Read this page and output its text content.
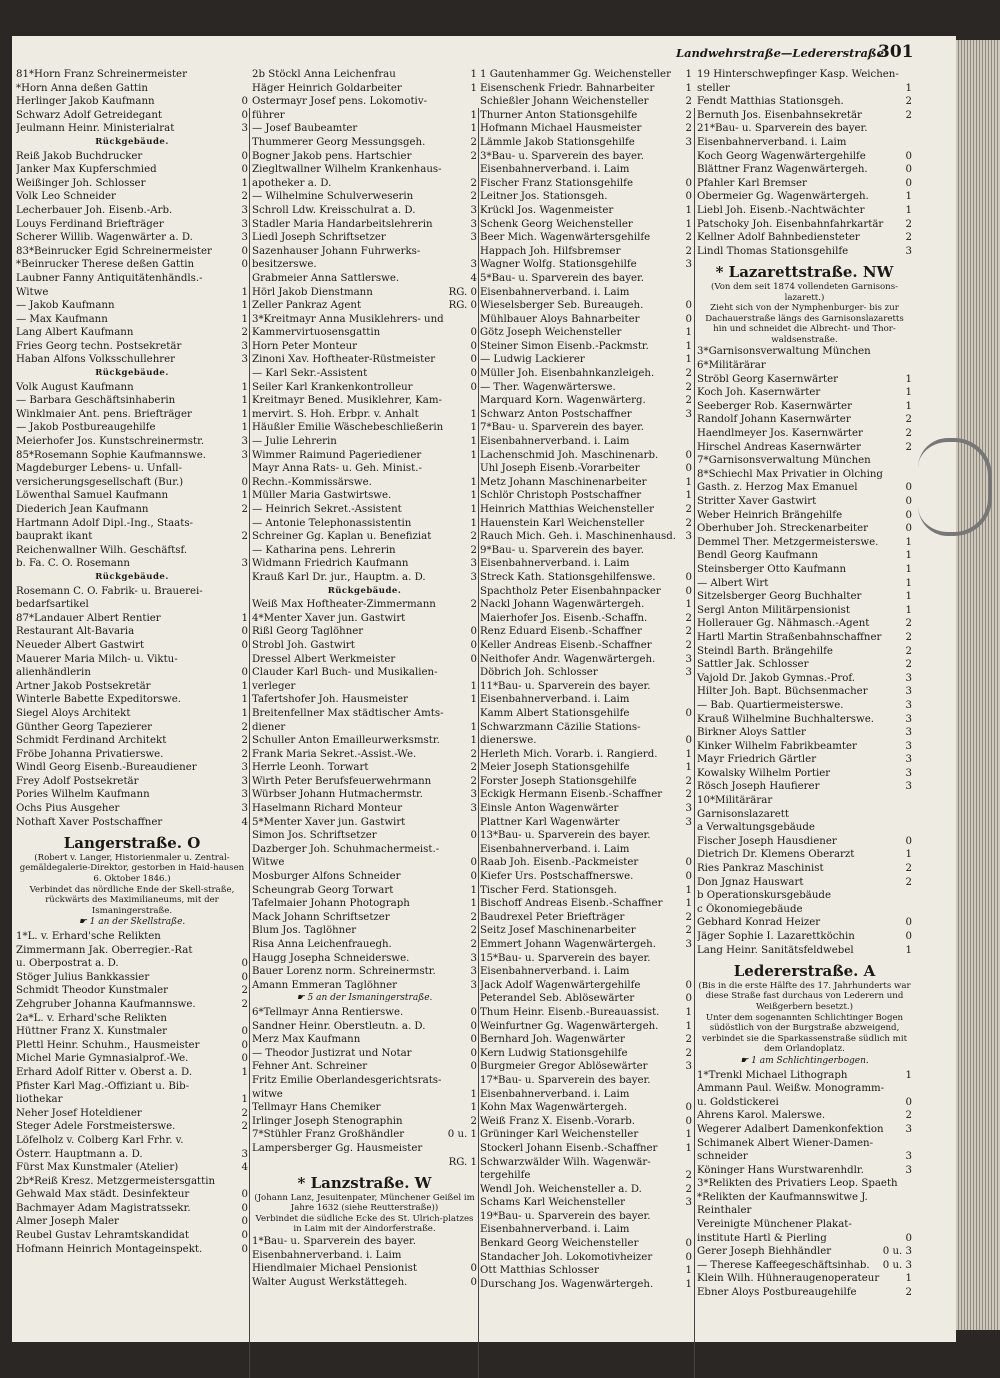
Landwehrstraße—Ledererstraße
301
81*Horn Franz Schreinermeister
*Horn Anna deßen Gattin
Herlinger Jakob Kaufmann	0
Schwarz Adolf Getreidegant	0
Jeulmann Heinr. Ministerialrat	3
Rückgebäude.
Reiß Jakob Buchdrucker	0
Janker Max Kupferschmied	0
Weißinger Joh. Schlosser	1
Volk Leo Schneider	2
Lecherbauer Joh. Eisenb.-Arb.	3
Louys Ferdinand Briefträger	3
Scherer Willib. Wagenwärter a. D.	3
83*Beinrucker Egid Schreinermeister	0
*Beinrucker Therese deßen Gattin	0
Laubner Fanny Antiquitätenhändls.-
Witwe	1
— Jakob Kaufmann	1
— Max Kaufmann	1
Lang Albert Kaufmann	2
Fries Georg techn. Postsekretär	3
Haban Alfons Volksschullehrer	3
Rückgebäude.
Volk August Kaufmann	1
— Barbara Geschäftsinhaberin	1
Winklmaier Ant. pens. Briefträger	1
— Jakob Postbureaugehilfe	1
Meierhofer Jos. Kunstschreinermstr.	3
85*Rosemann Sophie Kaufmannswe.	3
Magdeburger Lebens- u. Unfall-
versicherungsgesellschaft (Bur.)	0
Löwenthal Samuel Kaufmann	1
Diederich Jean Kaufmann	2
Hartmann Adolf Dipl.-Ing., Staats-
bauprakt ikant	2
Reichenwallner Wilh. Geschäftsf.
b. Fa. C. O. Rosemann	3
Rückgebäude.
Rosemann C. O. Fabrik- u. Brauerei-
bedarfsartikel
87*Landauer Albert Rentier	1
Restaurant Alt-Bavaria	0
Neueder Albert Gastwirt	0
Mauerer Maria Milch- u. Viktu-
alienhändlerin	0
Artner Jakob Postsekretär	1
Winterle Babette Expeditorswe.	1
Siegel Aloys Architekt	1
Günther Georg Tapezierer	2
Schmidt Ferdinand Architekt	2
Fröbe Johanna Privatierswe.	2
Windl Georg Eisenb.-Bureaudiener	3
Frey Adolf Postsekretär	3
Pories Wilhelm Kaufmann	3
Ochs Pius Ausgeher	3
Nothaft Xaver Postschaffner	4
Langerstraße. O
(Robert v. Langer, Historienmaler u. Zentral-gemäldegalerie-Direktor, gestorben in Haid-hausen 6. Oktober 1846.)
Verbindet das nördliche Ende der Skell-straße, rückwärts des Maximilianeums, mit der Ismaningerstraße.
☛ 1 an der Skellstraße.
1*L. v. Erhard'sche Relikten
Zimmermann Jak. Oberregier.-Rat
u. Oberpostrat a. D.	0
Stöger Julius Bankkassier	0
Schmidt Theodor Kunstmaler	2
Zehgruber Johanna Kaufmannswe.	2
2a*L. v. Erhard'sche Relikten
Hüttner Franz X. Kunstmaler	0
Plettl Heinr. Schuhm., Hausmeister	0
Michel Marie Gymnasialprof.-We.	0
Erhard Adolf Ritter v. Oberst a. D.	1
Pfister Karl Mag.-Offiziant u. Bib-
liothekar	1
Neher Josef Hoteldiener	2
Steger Adele Forstmeisterswe.	2
Löfelholz v. Colberg Karl Frhr. v.
Österr. Hauptmann a. D.	3
Fürst Max Kunstmaler (Atelier)	4
2b*Reiß Kresz. Metzgermeistersgattin
Gehwald Max städt. Desinfekteur	0
Bachmayer Adam Magistratssekr.	0
Almer Joseph Maler	0
Reubel Gustav Lehramtskandidat	0
Hofmann Heinrich Montageinspekt.	0
2b Stöckl Anna Leichenfrau	1
Häger Heinrich Goldarbeiter	1
Ostermayr Josef pens. Lokomotiv-
führer	1
— Josef Baubeamter	1
Thummerer Georg Messungsgeh.	2
Bogner Jakob pens. Hartschier	2
Ziegltwallner Wilhelm Krankenhaus-
apotheker a. D.	2
— Wilhelmine Schulverweserin	2
Schroll Ldw. Kreisschulrat a. D.	3
Stadler Maria Handarbeitslehrerin	3
Liedl Joseph Schriftsetzer	3
Sazenhauser Johann Fuhrwerks-
besitzerswe.	3
Grabmeier Anna Sattlerswe.	4
Hörl Jakob Dienstmann	RG. 0
Zeller Pankraz Agent	RG. 0
3*Kreitmayr Anna Musiklehrers- und
Kammervirtuosensgattin	0
Horn Peter Monteur	0
Zinoni Xav. Hoftheater-Rüstmeister	0
— Karl Sekr.-Assistent	0
Seiler Karl Krankenkontrolleur	0
Kreitmayr Bened. Musiklehrer, Kam-
mervirt. S. Hoh. Erbpr. v. Anhalt	1
Häußler Emilie Wäschebeschließerin	1
— Julie Lehrerin	1
Wimmer Raimund Pageriediener	1
Mayr Anna Rats- u. Geh. Minist.-
Rechn.-Kommissärswe.	1
Müller Maria Gastwirtswe.	1
— Heinrich Sekret.-Assistent	1
— Antonie Telephonassistentin	1
Schreiner Gg. Kaplan u. Benefiziat	2
— Katharina pens. Lehrerin	2
Widmann Friedrich Kaufmann	3
Krauß Karl Dr. jur., Hauptm. a. D.	3
Rückgebäude.
Weiß Max Hoftheater-Zimmermann	2
4*Menter Xaver jun. Gastwirt
Rißl Georg Taglöhner	0
Strobl Joh. Gastwirt	0
Dressel Albert Werkmeister	0
Clauder Karl Buch- und Musikalien-
verleger	1
Tafertshofer Joh. Hausmeister	1
Breitenfellner Max städtischer Amts-
diener	1
Schuller Anton Emailleurwerksmstr.	1
Frank Maria Sekret.-Assist.-We.	2
Herrle Leonh. Torwart	2
Wirth Peter Berufsfeuerwehrmann	2
Würbser Johann Hutmachermstr.	3
Haselmann Richard Monteur	3
5*Menter Xaver jun. Gastwirt
Simon Jos. Schriftsetzer	0
Dazberger Joh. Schuhmachermeist.-
Witwe	0
Mosburger Alfons Schneider	0
Scheungrab Georg Torwart	1
Tafelmaier Johann Photograph	1
Mack Johann Schriftsetzer	2
Blum Jos. Taglöhner	2
Risa Anna Leichenfrauegh.	2
Haugg Josepha Schneiderswe.	3
Bauer Lorenz norm. Schreinermstr.	3
Amann Emmeran Taglöhner	3
☛ 5 an der Ismaningerstraße.
6*Tellmayr Anna Rentierswe.	0
Sandner Heinr. Oberstleutn. a. D.	0
Merz Max Kaufmann	0
— Theodor Justizrat und Notar	0
Fehner Ant. Schreiner	0
Fritz Emilie Oberlandesgerichtsrats-
witwe	1
Tellmayr Hans Chemiker	1
Irlinger Joseph Stenographin	2
7*Stühler Franz Großhändler	0 u. 1
Lampersberger Gg. Hausmeister
RG. 1
* Lanzstraße. W
(Johann Lanz, Jesuitenpater, Münchener Geißel im Jahre 1632 (siehe Reutterstraße))
Verbindet die südliche Ecke des St. Ulrich-platzes in Laim mit der Aindorferstraße.
1*Bau- u. Sparverein des bayer.
Eisenbahnerverband. i. Laim
Hiendlmaier Michael Pensionist	0
Walter August Werkstättegeh.	0
1 Gautenhammer Gg. Weichensteller	1
Eisenschenk Friedr. Bahnarbeiter	1
Schießler Johann Weichensteller	2
Thurner Anton Stationsgehilfe	2
Hofmann Michael Hausmeister	2
Lämmle Jakob Stationsgehilfe	3
3*Bau- u. Sparverein des bayer.
Eisenbahnerverband. i. Laim
Fischer Franz Stationsgehilfe	0
Leitner Jos. Stationsgeh.	0
Krückl Jos. Wagenmeister	1
Schenk Georg Weichensteller	1
Beer Mich. Wagenwärtersgehilfe	2
Happach Joh. Hilfsbremser	2
Wagner Wolfg. Stationsgehilfe	3
5*Bau- u. Sparverein des bayer.
Eisenbahnerverband. i. Laim
Wieselsberger Seb. Bureaugeh.	0
Mühlbauer Aloys Bahnarbeiter	0
Götz Joseph Weichensteller	1
Steiner Simon Eisenb.-Packmstr.	1
— Ludwig Lackierer	1
Müller Joh. Eisenbahnkanzleigeh.	2
— Ther. Wagenwärterswe.	2
Marquard Korn. Wagenwärterg.	2
Schwarz Anton Postschaffner	3
7*Bau- u. Sparverein des bayer.
Eisenbahnerverband. i. Laim
Lachenschmid Joh. Maschinenarb.	0
Uhl Joseph Eisenb.-Vorarbeiter	0
Metz Johann Maschinenarbeiter	1
Schlör Christoph Postschaffner	1
Heinrich Matthias Weichensteller	2
Hauenstein Karl Weichensteller	2
Rauch Mich. Geh. i. Maschinenhausd. 3
9*Bau- u. Sparverein des bayer.
Eisenbahnerverband. i. Laim
Streck Kath. Stationsgehilfenswe.	0
Spachtholz Peter Eisenbahnpacker	0
Nackl Johann Wagenwärtergeh.	1
Maierhofer Jos. Eisenb.-Schaffn.	2
Renz Eduard Eisenb.-Schaffner	2
Keller Andreas Eisenb.-Schaffner	2
Neithofer Andr. Wagenwärtergeh.	3
Döbrich Joh. Schlosser	3
11*Bau- u. Sparverein des bayer.
Eisenbahnerverband. i. Laim
Kamm Albert Stationsgehilfe	0
Schwarzmann Cäzilie Stations-
dienerswe.	0
Herleth Mich. Vorarb. i. Rangierd.	1
Meier Joseph Stationsgehilfe	1
Forster Joseph Stationsgehilfe	2
Eckigk Hermann Eisenb.-Schaffner	2
Einsle Anton Wagenwärter	3
Plattner Karl Wagenwärter	3
13*Bau- u. Sparverein des bayer.
Eisenbahnerverband. i. Laim
Raab Joh. Eisenb.-Packmeister	0
Kiefer Urs. Postschaffnerswe.	0
Tischer Ferd. Stationsgeh.	1
Bischoff Andreas Eisenb.-Schaffner	1
Baudrexel Peter Briefträger	2
Seitz Josef Maschinenarbeiter	2
Emmert Johann Wagenwärtergeh.	3
15*Bau- u. Sparverein des bayer.
Eisenbahnerverband. i. Laim
Jack Adolf Wagenwärtergehilfe	0
Peterandel Seb. Ablösewärter	0
Thum Heinr. Eisenb.-Bureauassist.	1
Weinfurtner Gg. Wagenwärtergeh.	1
Bernhard Joh. Wagenwärter	2
Kern Ludwig Stationsgehilfe	2
Burgmeier Gregor Ablösewärter	3
17*Bau- u. Sparverein des bayer.
Eisenbahnerverband. i. Laim
Kohn Max Wagenwärtergeh.	0
Weiß Franz X. Eisenb.-Vorarb.	0
Grüninger Karl Weichensteller	1
Stockerl Johann Eisenb.-Schaffner	1
Schwarzwälder Wilh. Wagenwär-
tergehilfe	2
Wendl Joh. Weichensteller a. D.	2
Schams Karl Weichensteller	3
19*Bau- u. Sparverein des bayer.
Eisenbahnerverband. i. Laim
Benkard Georg Weichensteller	0
Standacher Joh. Lokomotivheizer	0
Ott Matthias Schlosser	1
Durschang Jos. Wagenwärtergeh.	1
19 Hinterschwepfinger Kasp. Weichen-
steller	1
Fendt Matthias Stationsgeh.	2
Bernuth Jos. Eisenbahnsekretär	2
21*Bau- u. Sparverein des bayer.
Eisenbahnerverband. i. Laim
Koch Georg Wagenwärtergehilfe	0
Blättner Franz Wagenwärtergeh.	0
Pfahler Karl Bremser	0
Obermeier Gg. Wagenwärtergeh.	1
Liebl Joh. Eisenb.-Nachtwächter	1
Patschoky Joh. Eisenbahnfahrkartär	2
Kellner Adolf Bahnbediensteter	2
Lindl Thomas Stationsgehilfe	3
* Lazarettstraße. NW
(Von dem seit 1874 vollendeten Garnisons-lazarett.)
Zieht sich von der Nymphenburger- bis zur Dachauerstraße längs des Garnisonslazaretts hin und schneidet die Albrecht- und Thor-waldsenstraße.
3*Garnisonsverwaltung München
6*Militärärar
Ströbl Georg Kasernwärter	1
Koch Joh. Kasernwärter	1
Seeberger Rob. Kasernwärter	1
Randolf Johann Kasernwärter	2
Haendlmeyer Jos. Kasernwärter	2
Hirschel Andreas Kasernwärter	2
7*Garnisonsverwaltung München
8*Schiechl Max Privatier in Olching
Gasth. z. Herzog Max Emanuel	0
Stritter Xaver Gastwirt	0
Weber Heinrich Brängehilfe	0
Oberhuber Joh. Streckenarbeiter	0
Demmel Ther. Metzgermeisterswe.	1
Bendl Georg Kaufmann	1
Steinsberger Otto Kaufmann	1
— Albert Wirt	1
Sitzelsberger Georg Buchhalter	1
Sergl Anton Militärpensionist	1
Hollerauer Gg. Nähmasch.-Agent	2
Hartl Martin Straßenbahnschaffner	2
Steindl Barth. Brängehilfe	2
Sattler Jak. Schlosser	2
Vajold Dr. Jakob Gymnas.-Prof.	3
Hilter Joh. Bapt. Büchsenmacher	3
— Bab. Quartiermeisterswe.	3
Krauß Wilhelmine Buchhalterswe.	3
Birkner Aloys Sattler	3
Kinker Wilhelm Fabrikbeamter	3
Mayr Friedrich Gärtler	3
Kowalsky Wilhelm Portier	3
Rösch Joseph Haufierer	3
10*Militärärar
Garnisonslazarett
a Verwaltungsgebäude
Fischer Joseph Hausdiener	0
Dietrich Dr. Klemens Oberarzt	1
Ries Pankraz Maschinist	2
Don Jgnaz Hauswart	2
b Operationskursgebäude
c Ökonomiegebäude
Gebhard Konrad Heizer	0
Jäger Sophie I. Lazarettköchin	0
Lang Heinr. Sanitätsfeldwebel	1
Ledererstraße. A
(Bis in die erste Hälfte des 17. Jahrhunderts war diese Straße fast durchaus von Lederern und Weißgerbern besetzt.)
Unter dem sogenannten Schlichtinger Bogen südöstlich von der Burgstraße abzweigend, verbindet sie die Sparkassenstraße südlich mit dem Orlandoplatz.
☛ 1 am Schlichtingerbogen.
1*Trenkl Michael Lithograph	1
Ammann Paul. Weißw. Monogramm-
u. Goldstickerei	0
Ahrens Karol. Malerswe.	2
Wegerer Adalbert Damenkonfektion	3
Schimanek Albert Wiener-Damen-
schneider	3
Köninger Hans Wurstwarenhdlr.	3
3*Relikten des Privatiers Leop. Spaeth
*Relikten der Kaufmannswitwe J.
Reinthaler
Vereinigte Münchener Plakat-
institute Hartl & Pierling	0
Gerer Joseph Biehhändler	0 u. 3
— Therese Kaffeegeschäftsinhab.	0 u. 3
Klein Wilh. Hühneraugenoperateur	1
Ebner Aloys Postbureaugehilfe	2
